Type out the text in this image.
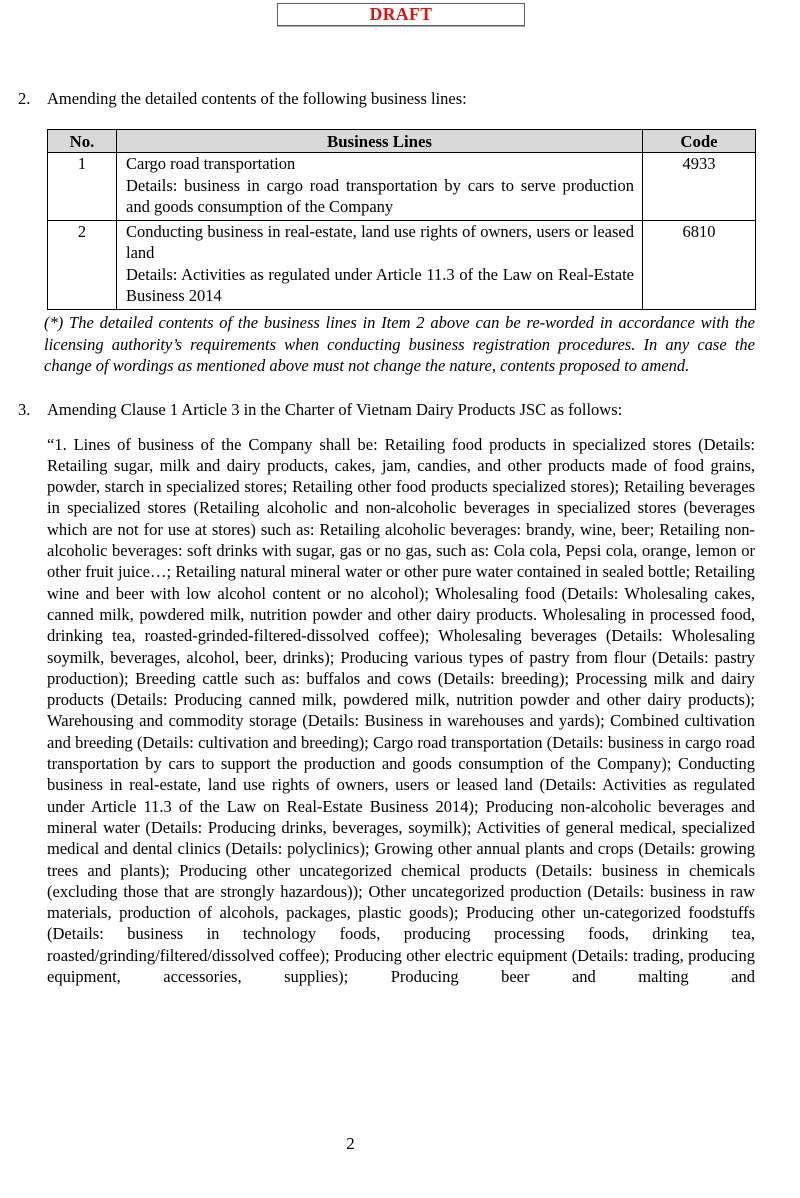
DRAFT
2.	Amending the detailed contents of the following business lines:
No.	Business Lines	Code
1	Cargo road transportation
Details: business in cargo road transportation by cars to serve production and goods consumption of the Company	4933
2	Conducting business in real-estate, land use rights of owners, users or leased land
Details: Activities as regulated under Article 11.3 of the Law on Real-Estate Business 2014	6810

(*) The detailed contents of the business lines in Item 2 above can be re-worded in accordance with the licensing authority’s requirements when conducting business registration procedures. In any case the change of wordings as mentioned above must not change the nature, contents proposed to amend.

3.	Amending Clause 1 Article 3 in the Charter of Vietnam Dairy Products JSC as follows:

“1. Lines of business of the Company shall be: Retailing food products in specialized stores (Details: Retailing sugar, milk and dairy products, cakes, jam, candies, and other products made of food grains, powder, starch in specialized stores; Retailing other food products specialized stores); Retailing beverages in specialized stores (Retailing alcoholic and non-alcoholic beverages in specialized stores (beverages which are not for use at stores) such as: Retailing alcoholic beverages: brandy, wine, beer; Retailing non-alcoholic beverages: soft drinks with sugar, gas or no gas, such as: Cola cola, Pepsi cola, orange, lemon or other fruit juice…; Retailing natural mineral water or other pure water contained in sealed bottle; Retailing wine and beer with low alcohol content or no alcohol); Wholesaling food (Details: Wholesaling cakes, canned milk, powdered milk, nutrition powder and other dairy products. Wholesaling in processed food, drinking tea, roasted-grinded-filtered-dissolved coffee); Wholesaling beverages (Details: Wholesaling soymilk, beverages, alcohol, beer, drinks); Producing various types of pastry from flour (Details: pastry production); Breeding cattle such as: buffalos and cows (Details: breeding); Processing milk and dairy products (Details: Producing canned milk, powdered milk, nutrition powder and other dairy products); Warehousing and commodity storage (Details: Business in warehouses and yards); Combined cultivation and breeding (Details: cultivation and breeding); Cargo road transportation (Details: business in cargo road transportation by cars to support the production and goods consumption of the Company); Conducting business in real-estate, land use rights of owners, users or leased land (Details: Activities as regulated under Article 11.3 of the Law on Real-Estate Business 2014); Producing non-alcoholic beverages and mineral water (Details: Producing drinks, beverages, soymilk); Activities of general medical, specialized medical and dental clinics (Details: polyclinics); Growing other annual plants and crops (Details: growing trees and plants); Producing other uncategorized chemical products (Details: business in chemicals (excluding those that are strongly hazardous)); Other uncategorized production (Details: business in raw materials, production of alcohols, packages, plastic goods); Producing other un-categorized foodstuffs (Details: business in technology foods, producing processing foods, drinking tea, roasted/grinding/filtered/dissolved coffee); Producing other electric equipment (Details: trading, producing equipment, accessories, supplies); Producing beer and malting and

2
